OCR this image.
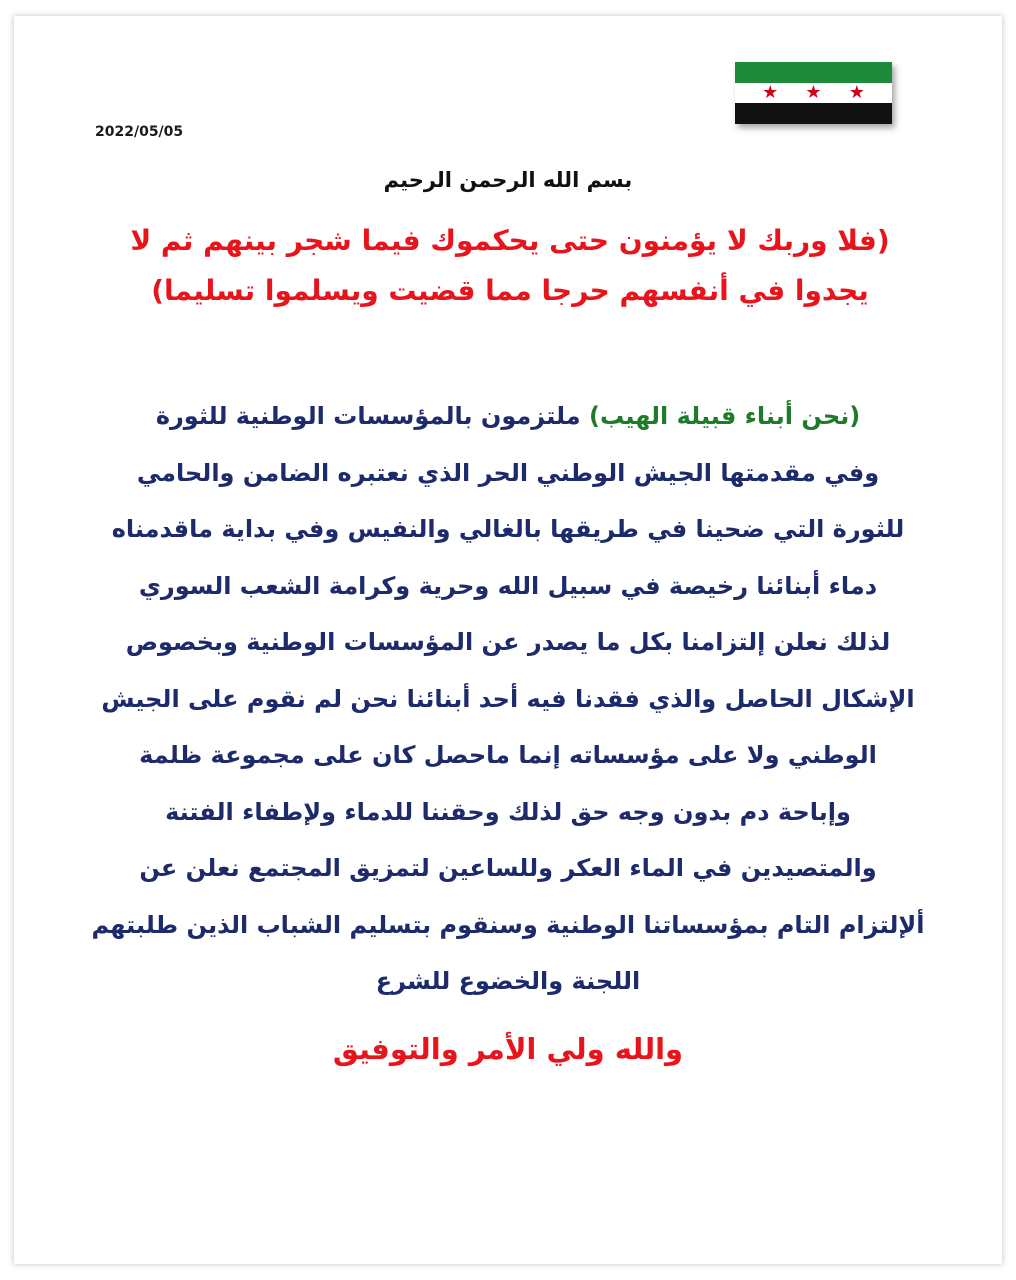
★ ★ ★
2022/05/05
بسم الله الرحمن الرحيم
(فلا وربك لا يؤمنون حتى يحكموك فيما شجر بينهم ثم لا
يجدوا في أنفسهم حرجا مما قضيت ويسلموا تسليما)
(نحن أبناء قبيلة الهيب) ملتزمون بالمؤسسات الوطنية للثورة
وفي مقدمتها الجيش الوطني الحر الذي نعتبره الضامن والحامي
للثورة التي ضحينا في طريقها بالغالي والنفيس وفي بداية ماقدمناه
دماء أبنائنا رخيصة في سبيل الله وحرية وكرامة الشعب السوري
لذلك نعلن إلتزامنا بكل ما يصدر عن المؤسسات الوطنية وبخصوص
الإشكال الحاصل والذي فقدنا فيه أحد أبنائنا نحن لم نقوم على الجيش
الوطني ولا على مؤسساته إنما ماحصل كان على مجموعة ظلمة
وإباحة دم بدون وجه حق لذلك وحقننا للدماء ولإطفاء الفتنة
والمتصيدين في الماء العكر وللساعين لتمزيق المجتمع نعلن عن
ألإلتزام التام بمؤسساتنا الوطنية وسنقوم بتسليم الشباب الذين طلبتهم
اللجنة والخضوع للشرع
والله ولي الأمر والتوفيق
